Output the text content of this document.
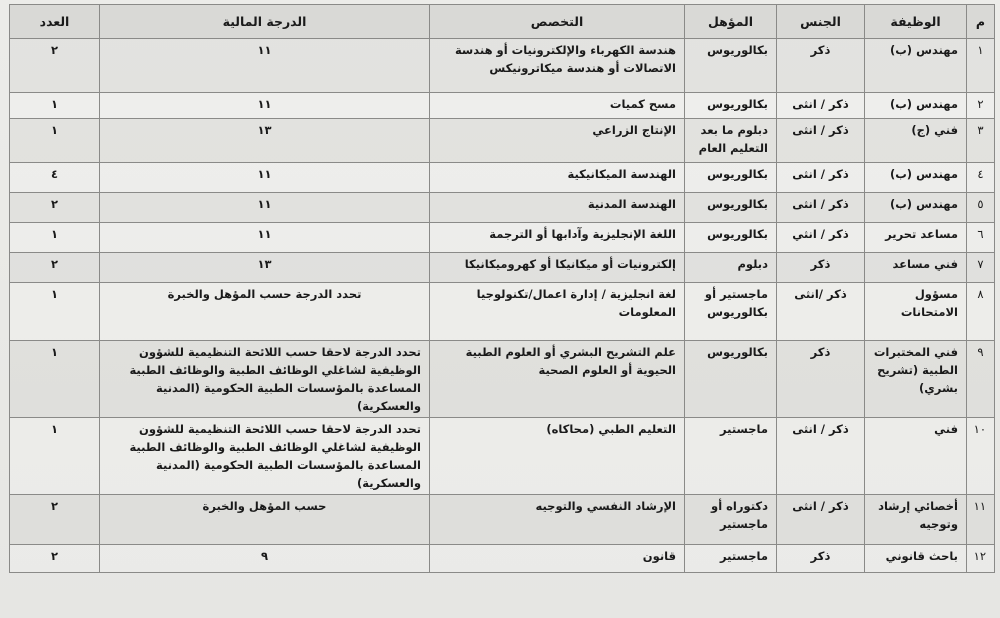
م	الوظيفة	الجنس	المؤهل	التخصص	الدرجة المالية	العدد
١	مهندس (ب)	ذكر	بكالوريوس	هندسة الكهرباء والإلكترونيات أو هندسة الاتصالات أو هندسة ميكاترونيكس	١١	٢
٢	مهندس (ب)	ذكر / انثى	بكالوريوس	مسح كميات	١١	١
٣	فني (ج)	ذكر / انثى	دبلوم ما بعد التعليم العام	الإنتاج الزراعي	١٣	١
٤	مهندس (ب)	ذكر / انثى	بكالوريوس	الهندسة الميكانيكية	١١	٤
٥	مهندس (ب)	ذكر / انثى	بكالوريوس	الهندسة المدنية	١١	٢
٦	مساعد تحرير	ذكر / انثي	بكالوريوس	اللغة الإنجليزية وآدابها أو الترجمة	١١	١
٧	فني مساعد	ذكر	دبلوم	إلكترونيات أو ميكانيكا أو كهروميكانيكا	١٣	٢
٨	مسؤول الامتحانات	ذكر /انثى	ماجستير أو بكالوريوس	لغة انجليزية / إدارة اعمال/تكنولوجيا المعلومات	تحدد الدرجة حسب المؤهل والخبرة	١
٩	فني المختبرات الطبية (تشريح بشري)	ذكر	بكالوريوس	علم التشريح البشري أو العلوم الطبية الحيوية أو العلوم الصحية	تحدد الدرجة لاحقا حسب اللائحة التنظيمية للشؤون الوظيفية لشاغلي الوظائف الطبية والوظائف الطبية المساعدة بالمؤسسات الطبية الحكومية (المدنية والعسكرية)	١
١٠	فني	ذكر / انثى	ماجستير	التعليم الطبي (محاكاه)	تحدد الدرجة لاحقا حسب اللائحة التنظيمية للشؤون الوظيفية لشاغلي الوظائف الطبية والوظائف الطبية المساعدة بالمؤسسات الطبية الحكومية (المدنية والعسكرية)	١
١١	أخصائي إرشاد وتوجيه	ذكر / انثى	دكتوراه أو ماجستير	الإرشاد النفسي والتوجيه	حسب المؤهل والخبرة	٢
١٢	باحث قانوني	ذكر	ماجستير	قانون	٩	٢
